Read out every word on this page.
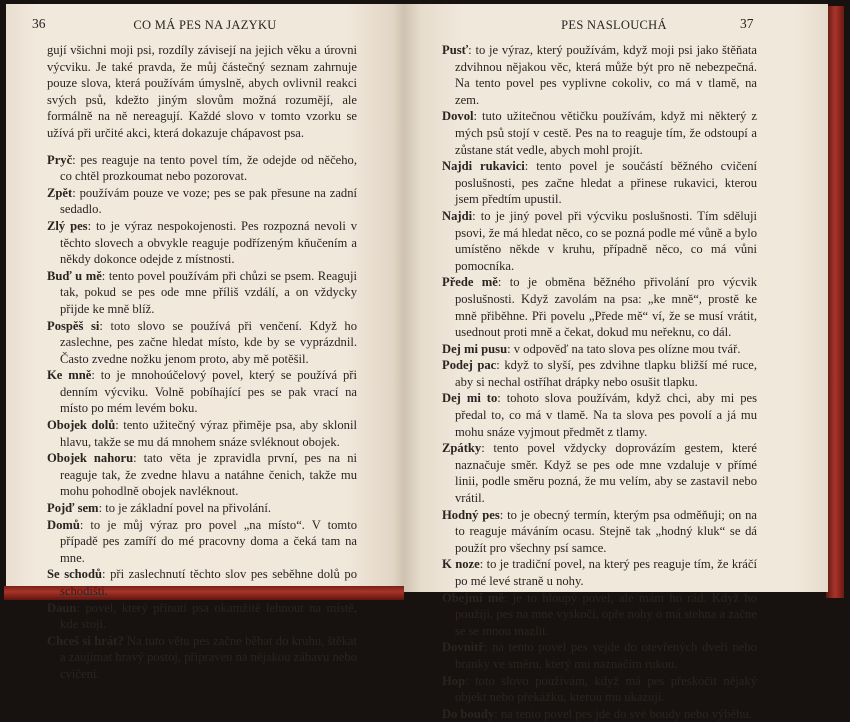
36	CO MÁ PES NA JAZYKU

gují všichni moji psi, rozdíly závisejí na jejich věku a úrovni výcviku. Je také pravda, že můj částečný seznam zahrnuje pouze slova, která používám úmyslně, abych ovlivnil reakci svých psů, kdežto jiným slovům možná rozumějí, ale formálně na ně nereagují. Každé slovo v tomto vzorku se užívá při určité akci, která dokazuje chápavost psa.

Pryč: pes reaguje na tento povel tím, že odejde od něčeho, co chtěl prozkoumat nebo pozorovat.

Zpět: používám pouze ve voze; pes se pak přesune na zadní sedadlo.

Zlý pes: to je výraz nespokojenosti. Pes rozpozná nevoli v těchto slovech a obvykle reaguje podřízeným kňučením a někdy dokonce odejde z místnosti.

Buď u mě: tento povel používám při chůzi se psem. Reaguji tak, pokud se pes ode mne příliš vzdálí, a on vždycky přijde ke mně blíž.

Pospěš si: toto slovo se používá při venčení. Když ho zaslechne, pes začne hledat místo, kde by se vyprázdnil. Často zvedne nožku jenom proto, aby mě potěšil.

Ke mně: to je mnohoúčelový povel, který se používá při denním výcviku. Volně pobíhající pes se pak vrací na místo po mém levém boku.

Obojek dolů: tento užitečný výraz přiměje psa, aby sklonil hlavu, takže se mu dá mnohem snáze svléknout obojek.

Obojek nahoru: tato věta je zpravidla první, pes na ni reaguje tak, že zvedne hlavu a natáhne čenich, takže mu mohu pohodlně obojek navléknout.

Pojď sem: to je základní povel na přivolání.

Domů: to je můj výraz pro povel „na místo“. V tomto případě pes zamíří do mé pracovny doma a čeká tam na mne.

Se schodů: při zaslechnutí těchto slov pes seběhne dolů po schodišti.

Daun: povel, který přinutí psa okamžitě lehnout na místě, kde stojí.

Chceš si hrát? Na tuto větu pes začne běhat do kruhu, štěkat a zaujímat hravý postoj, připraven na nějakou zábavu nebo cvičení.

PES NASLOUCHÁ	37

Pusť: to je výraz, který používám, když moji psi jako štěňata zdvihnou nějakou věc, která může být pro ně nebezpečná. Na tento povel pes vyplivne cokoliv, co má v tlamě, na zem.

Dovol: tuto užitečnou větičku používám, když mi některý z mých psů stojí v cestě. Pes na to reaguje tím, že odstoupí a zůstane stát vedle, abych mohl projít.

Najdi rukavici: tento povel je součástí běžného cvičení poslušnosti, pes začne hledat a přinese rukavici, kterou jsem předtím upustil.

Najdi: to je jiný povel při výcviku poslušnosti. Tím sděluji psovi, že má hledat něco, co se pozná podle mé vůně a bylo umístěno někde v kruhu, případně něco, co má vůni pomocníka.

Přede mě: to je obměna běžného přivolání pro výcvik poslušnosti. Když zavolám na psa: „ke mně“, prostě ke mně přiběhne. Při povelu „Přede mě“ ví, že se musí vrátit, usednout proti mně a čekat, dokud mu neřeknu, co dál.

Dej mi pusu: v odpověď na tato slova pes olízne mou tvář.

Podej pac: když to slyší, pes zdvihne tlapku bližší mé ruce, aby si nechal ostříhat drápky nebo osušit tlapku.

Dej mi to: tohoto slova používám, když chci, aby mi pes předal to, co má v tlamě. Na ta slova pes povolí a já mu mohu snáze vyjmout předmět z tlamy.

Zpátky: tento povel vždycky doprovázím gestem, které naznačuje směr. Když se pes ode mne vzdaluje v přímé linii, podle směru pozná, že mu velím, aby se zastavil nebo vrátil.

Hodný pes: to je obecný termín, kterým psa odměňuji; on na to reaguje máváním ocasu. Stejně tak „hodný kluk“ se dá použít pro všechny psí samce.

K noze: to je tradiční povel, na který pes reaguje tím, že kráčí po mé levé straně u nohy.

Obejmi mě: je to hloupý povel, ale mám ho rád. Když ho použiji, pes na mne vyskočí, opře nohy o má stehna a začne se se mnou mazlit.

Dovnitř: na tento povel pes vejde do otevřených dveří nebo branky ve směru, který mu naznačím rukou.

Hop: toto slovo používám, když má pes přeskočit nějaký objekt nebo překážku, kterou mu ukazuji.

Do boudy: na tento povel pes jde do své boudy nebo výběhu.
